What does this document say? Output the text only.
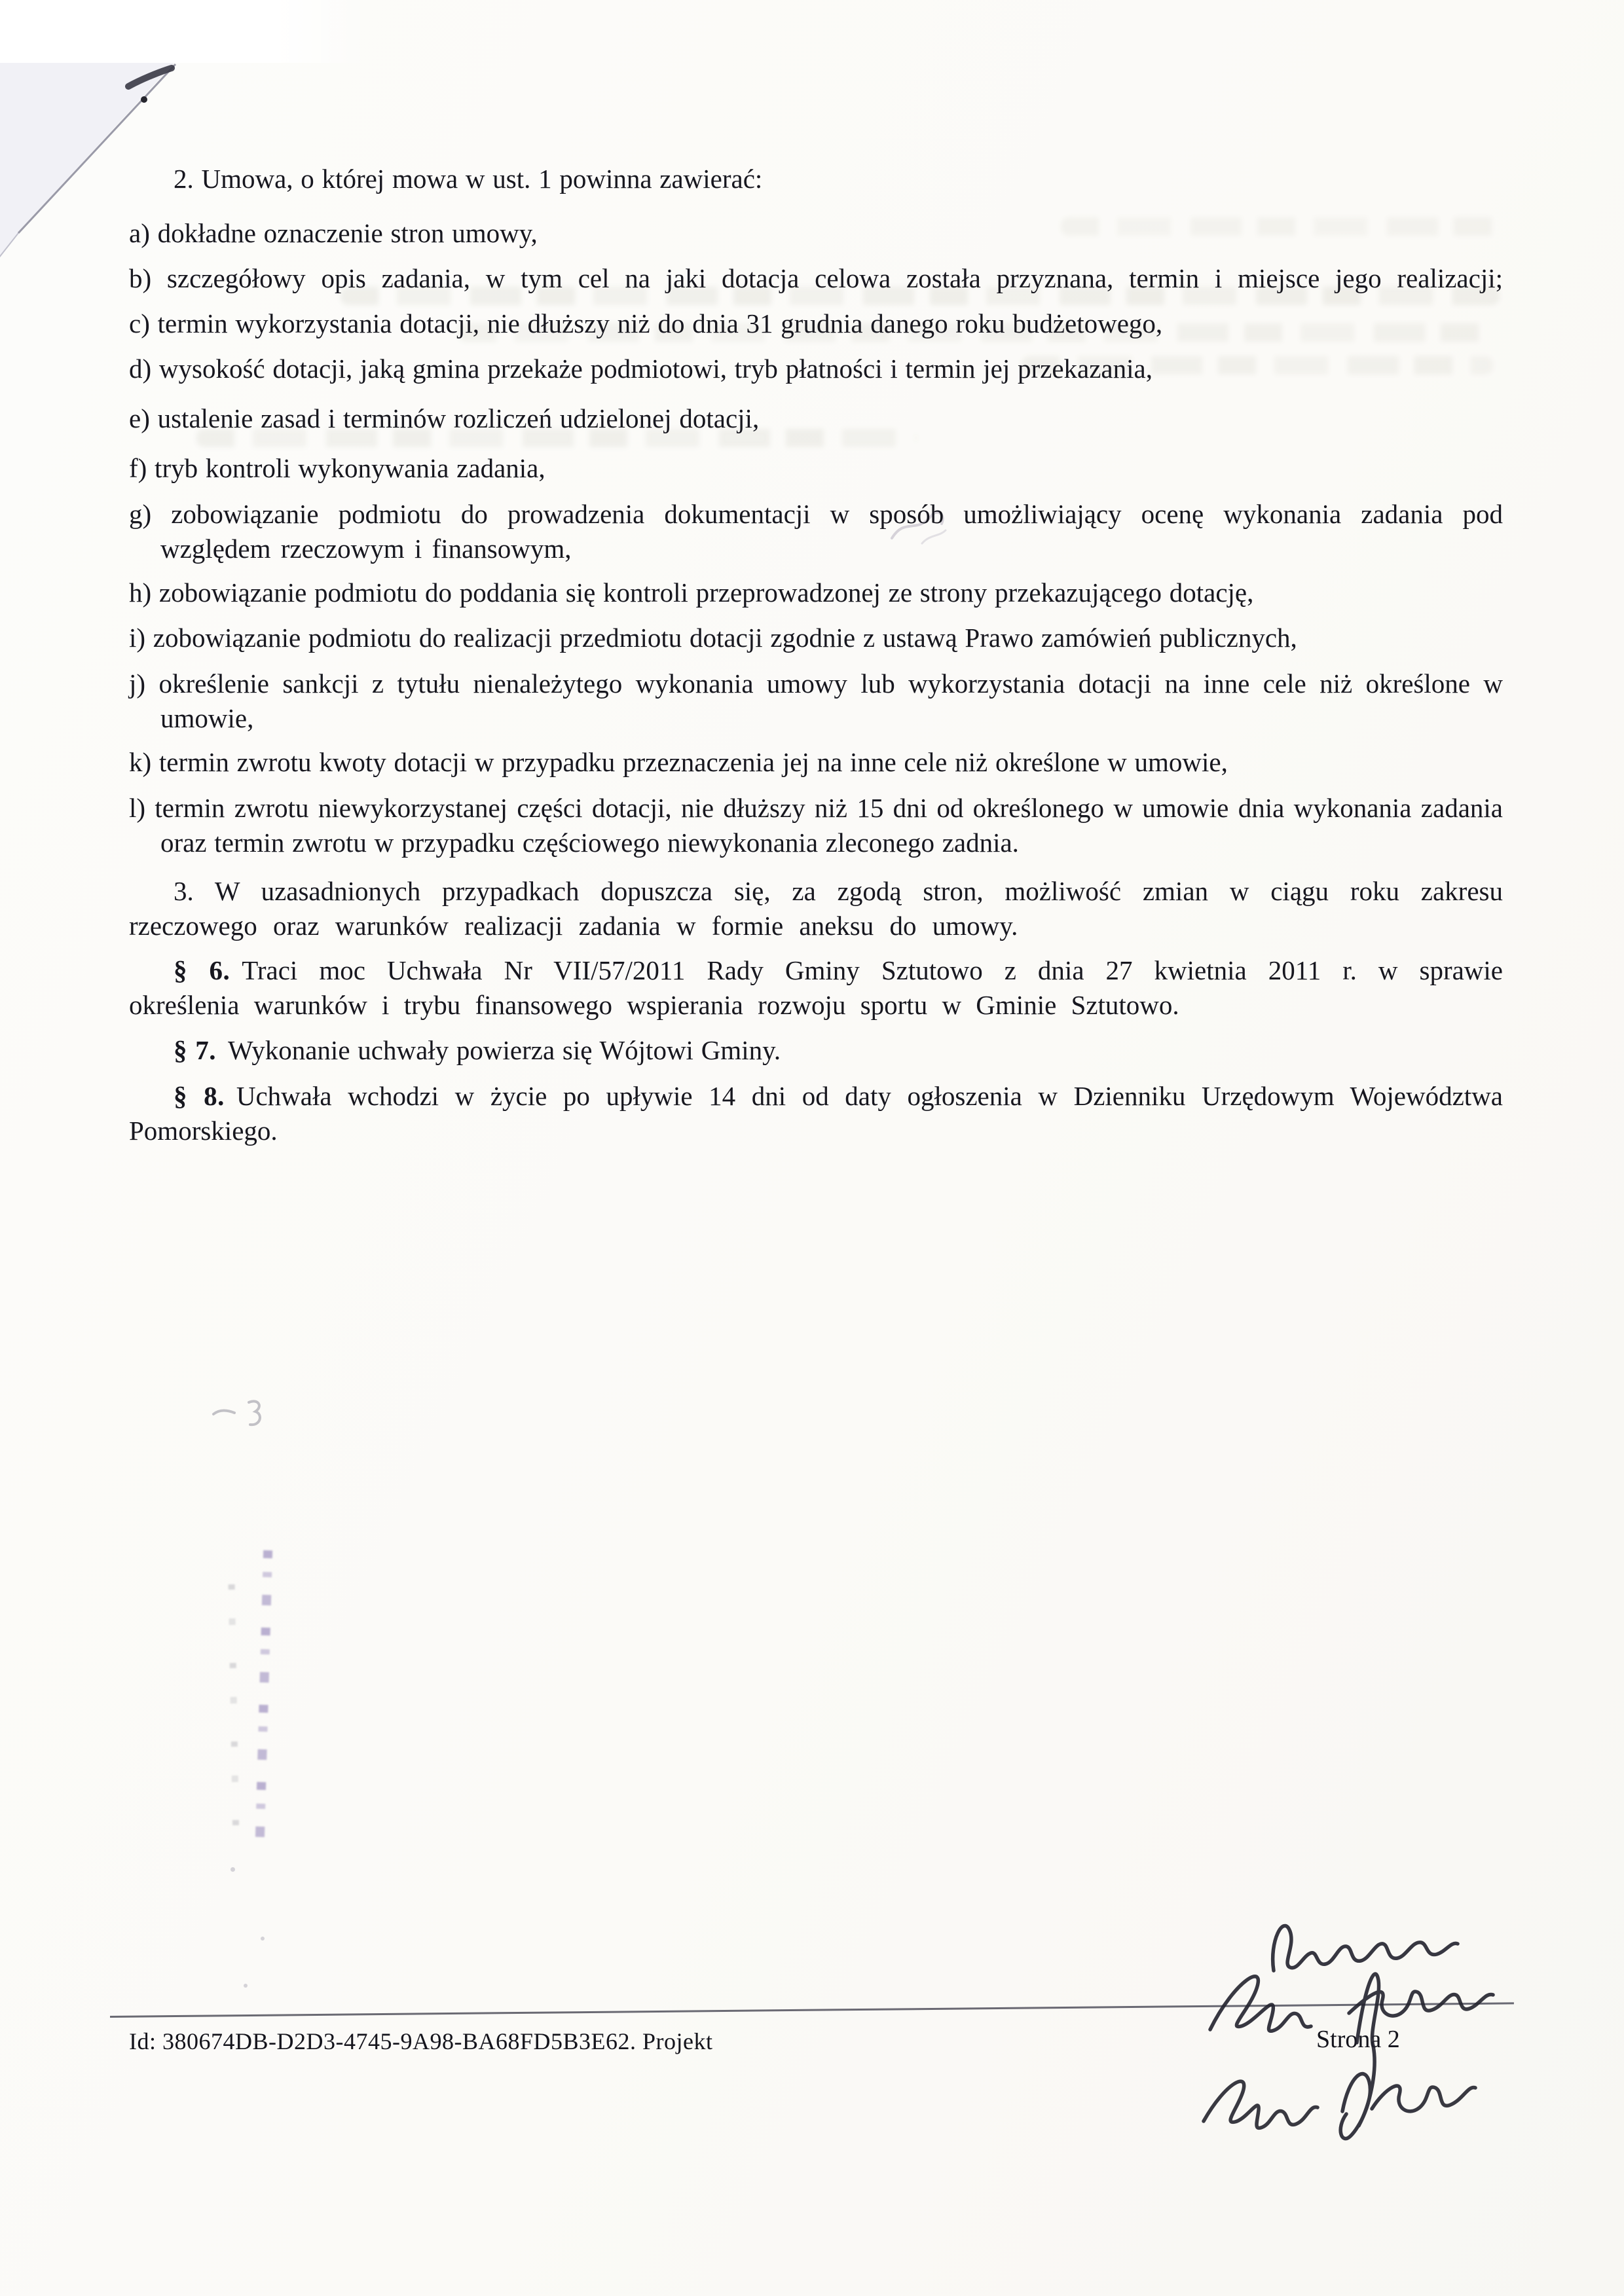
2. Umowa, o której mowa w ust. 1 powinna zawierać:

a) dokładne oznaczenie stron umowy,

b) szczegółowy opis zadania, w tym cel na jaki dotacja celowa została przyznana, termin i miejsce jego realizacji;

c) termin wykorzystania dotacji, nie dłuższy niż do dnia 31 grudnia danego roku budżetowego,

d) wysokość dotacji, jaką gmina przekaże podmiotowi, tryb płatności i termin jej przekazania,

e) ustalenie zasad i terminów rozliczeń udzielonej dotacji,

f) tryb kontroli wykonywania zadania,

g) zobowiązanie podmiotu do prowadzenia dokumentacji w sposób umożliwiający ocenę wykonania zadania pod względem rzeczowym i finansowym,

h) zobowiązanie podmiotu do poddania się kontroli przeprowadzonej ze strony przekazującego dotację,

i) zobowiązanie podmiotu do realizacji przedmiotu dotacji zgodnie z ustawą Prawo zamówień publicznych,

j) określenie sankcji z tytułu nienależytego wykonania umowy lub wykorzystania dotacji na inne cele niż określone w umowie,

k) termin zwrotu kwoty dotacji w przypadku przeznaczenia jej na inne cele niż określone w umowie,

l) termin zwrotu niewykorzystanej części dotacji, nie dłuższy niż 15 dni od określonego w umowie dnia wykonania zadania oraz termin zwrotu w przypadku częściowego niewykonania zleconego zadnia.

3. W uzasadnionych przypadkach dopuszcza się, za zgodą stron, możliwość zmian w ciągu roku zakresu rzeczowego oraz warunków realizacji zadania w formie aneksu do umowy.

§ 6. Traci moc Uchwała Nr VII/57/2011 Rady Gminy Sztutowo z dnia 27 kwietnia 2011 r. w sprawie określenia warunków i trybu finansowego wspierania rozwoju sportu w Gminie Sztutowo.

§ 7. Wykonanie uchwały powierza się Wójtowi Gminy.

§ 8. Uchwała wchodzi w życie po upływie 14 dni od daty ogłoszenia w Dzienniku Urzędowym Województwa Pomorskiego.

Id: 380674DB-D2D3-4745-9A98-BA68FD5B3E62. Projekt	Strona 2
